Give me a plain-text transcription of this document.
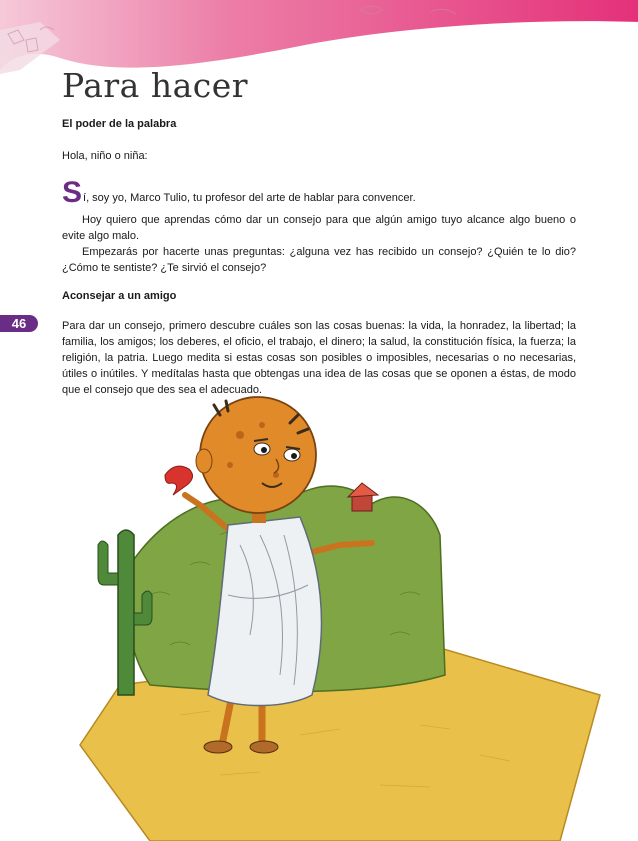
Para hacer
46

El poder de la palabra

Hola, niño o niña:

S í, soy yo, Marco Tulio, tu profesor del arte de hablar para convencer.

Hoy quiero que aprendas cómo dar un consejo para que algún amigo tuyo alcance algo bueno o evite algo malo.

Empezarás por hacerte unas preguntas: ¿alguna vez has recibido un consejo? ¿Quién te lo dio? ¿Cómo te sentiste? ¿Te sirvió el consejo?

Aconsejar a un amigo

Para dar un consejo, primero descubre cuáles son las cosas buenas: la vida, la honradez, la libertad; la familia, los amigos; los deberes, el oficio, el trabajo, el dinero; la salud, la constitución física, la fuerza; la religión, la patria. Luego medita si estas cosas son posibles o imposibles, necesarias o no necesarias, útiles o inútiles. Y medítalas hasta que obtengas una idea de las cosas que se oponen a éstas, de modo que el consejo que des sea el adecuado.
